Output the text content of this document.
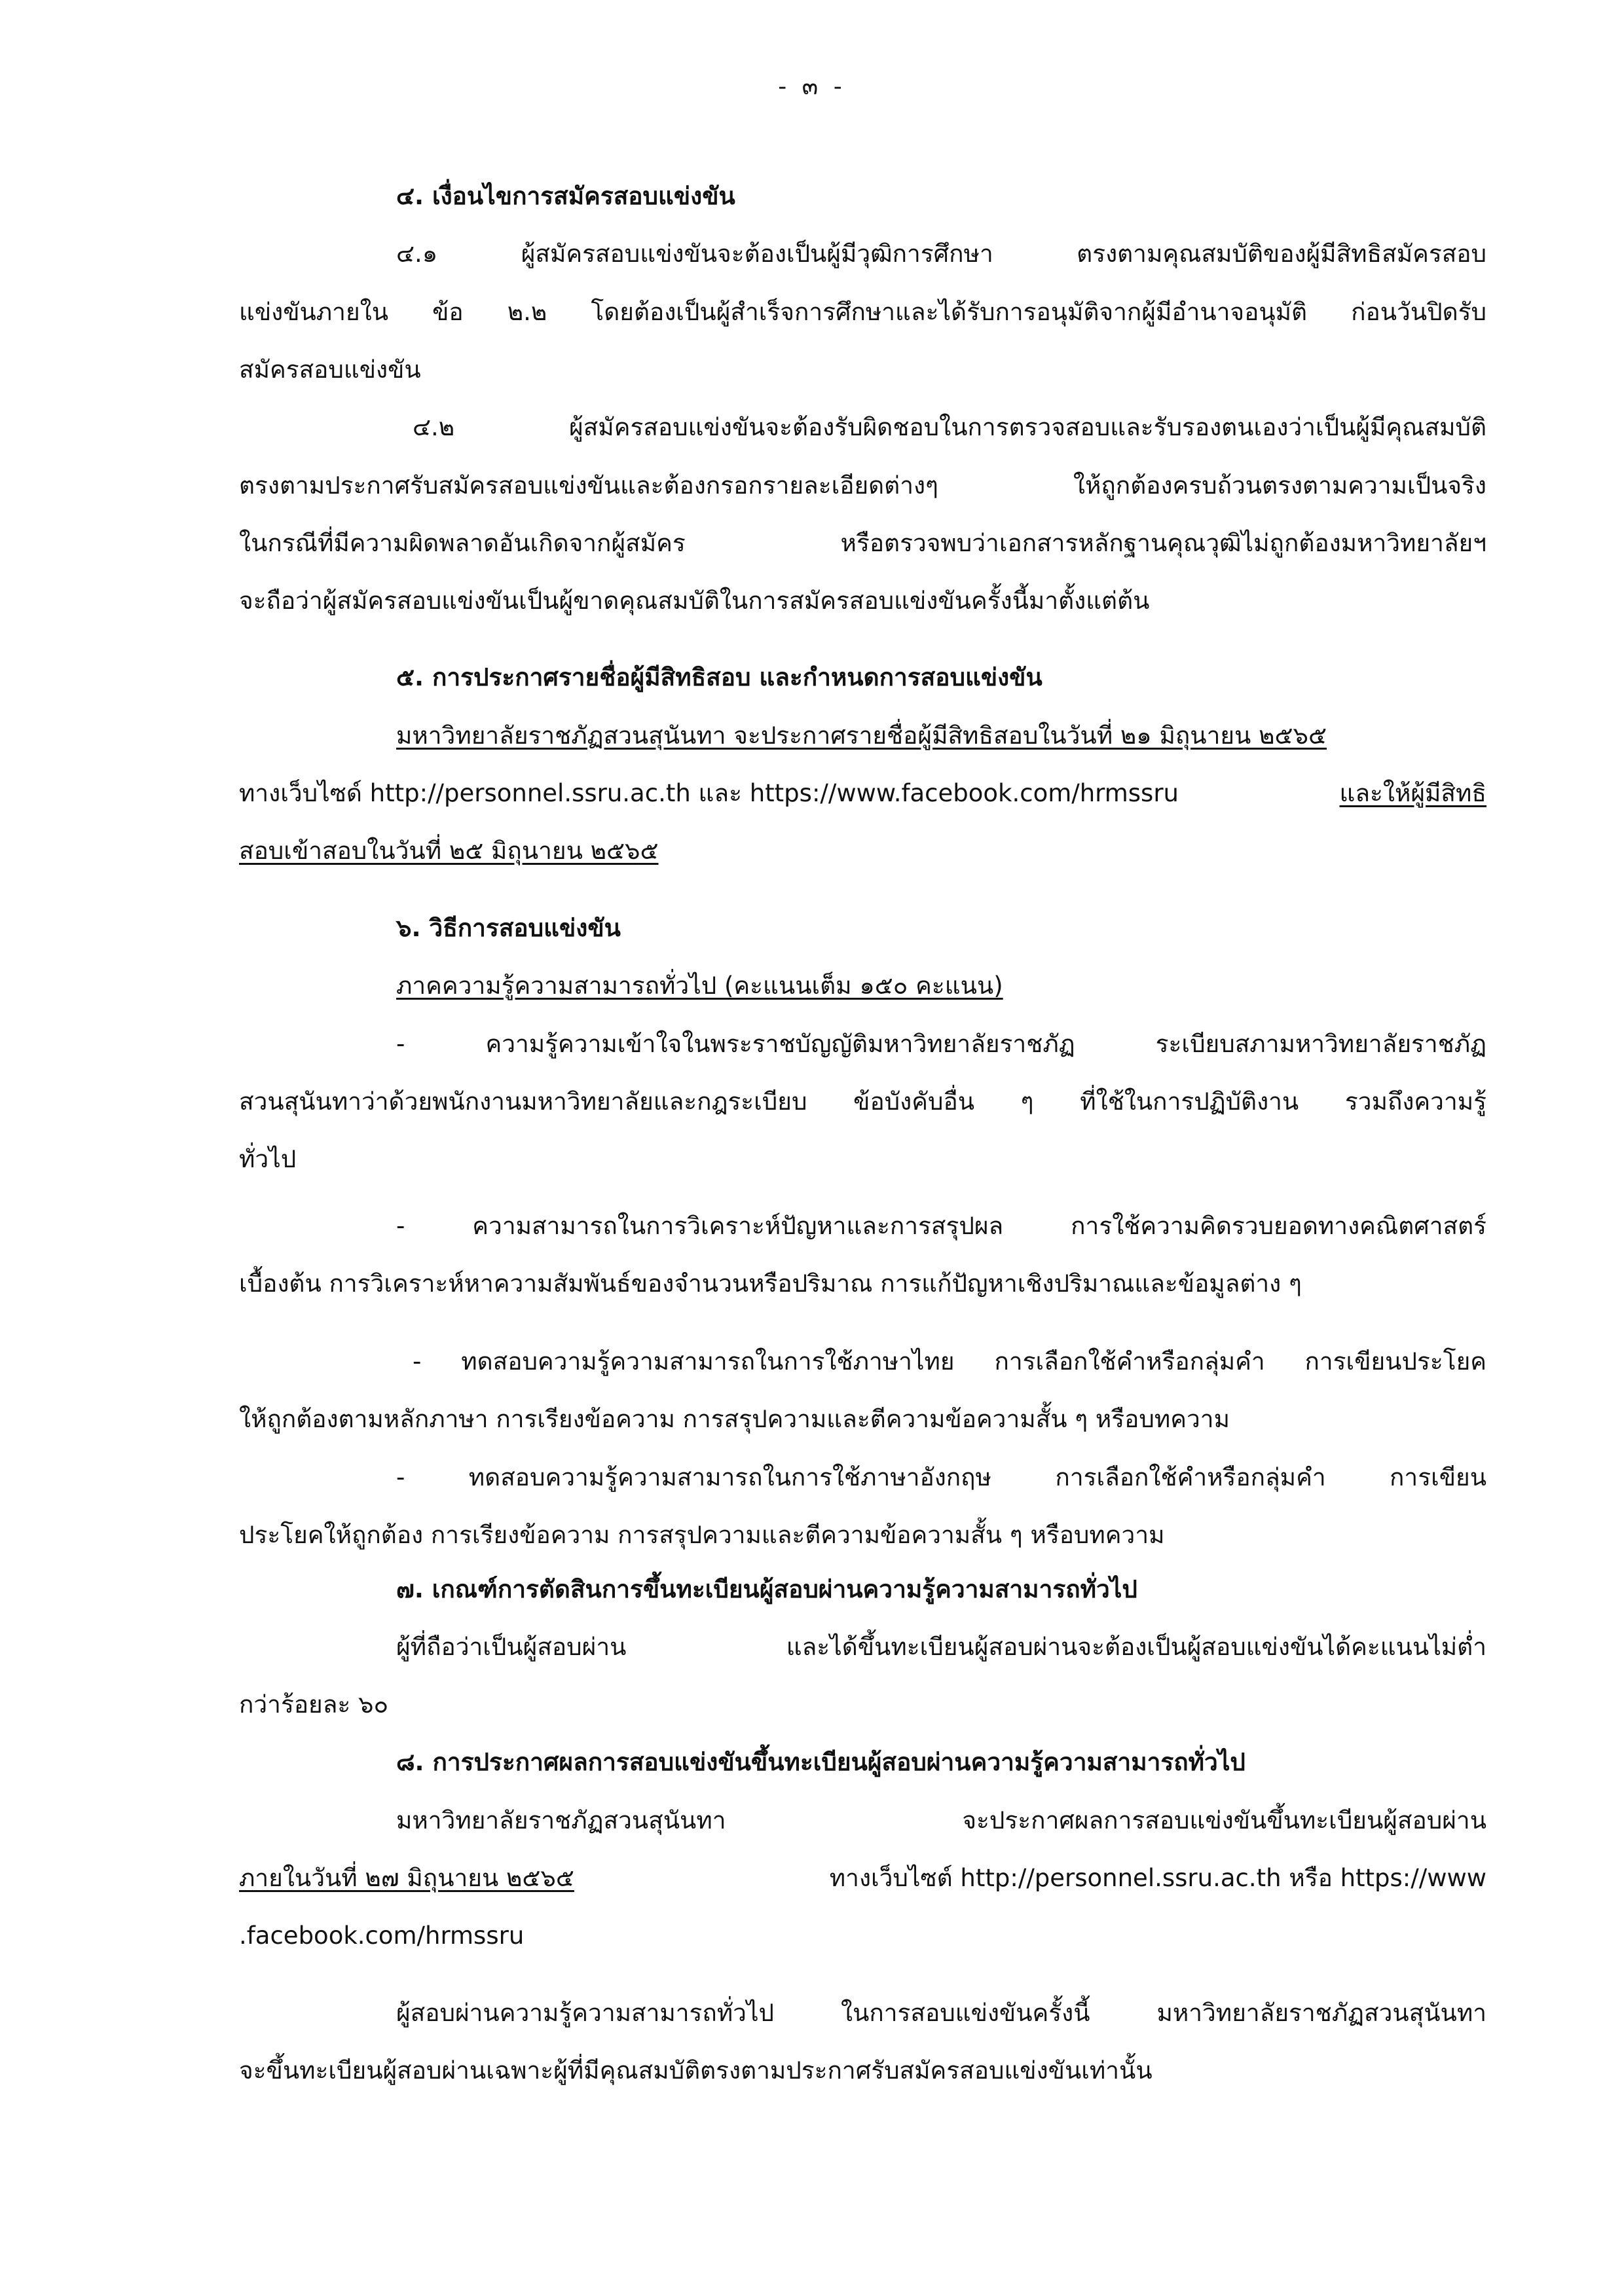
- ๓ -
๔. เงื่อนไขการสมัครสอบแข่งขัน
๔.๑ ผู้สมัครสอบแข่งขันจะต้องเป็นผู้มีวุฒิการศึกษา ตรงตามคุณสมบัติของผู้มีสิทธิสมัครสอบ
แข่งขันภายใน ข้อ ๒.๒ โดยต้องเป็นผู้สำเร็จการศึกษาและได้รับการอนุมัติจากผู้มีอำนาจอนุมัติ ก่อนวันปิดรับ
สมัครสอบแข่งขัน
๔.๒ ผู้สมัครสอบแข่งขันจะต้องรับผิดชอบในการตรวจสอบและรับรองตนเองว่าเป็นผู้มีคุณสมบัติ
ตรงตามประกาศรับสมัครสอบแข่งขันและต้องกรอกรายละเอียดต่างๆ ให้ถูกต้องครบถ้วนตรงตามความเป็นจริง
ในกรณีที่มีความผิดพลาดอันเกิดจากผู้สมัคร หรือตรวจพบว่าเอกสารหลักฐานคุณวุฒิไม่ถูกต้องมหาวิทยาลัยฯ
จะถือว่าผู้สมัครสอบแข่งขันเป็นผู้ขาดคุณสมบัติในการสมัครสอบแข่งขันครั้งนี้มาตั้งแต่ต้น
๕. การประกาศรายชื่อผู้มีสิทธิสอบ และกำหนดการสอบแข่งขัน
มหาวิทยาลัยราชภัฏสวนสุนันทา จะประกาศรายชื่อผู้มีสิทธิสอบในวันที่ ๒๑ มิถุนายน ๒๕๖๕
ทางเว็บไซด์ http://personnel.ssru.ac.th และ https://www.facebook.com/hrmssru	และให้ผู้มีสิทธิ
สอบเข้าสอบในวันที่ ๒๕ มิถุนายน ๒๕๖๕
๖. วิธีการสอบแข่งขัน
ภาคความรู้ความสามารถทั่วไป (คะแนนเต็ม ๑๕๐ คะแนน)
- ความรู้ความเข้าใจในพระราชบัญญัติมหาวิทยาลัยราชภัฏ ระเบียบสภามหาวิทยาลัยราชภัฏ
สวนสุนันทาว่าด้วยพนักงานมหาวิทยาลัยและกฎระเบียบ ข้อบังคับอื่น ๆ ที่ใช้ในการปฏิบัติงาน รวมถึงความรู้
ทั่วไป
- ความสามารถในการวิเคราะห์ปัญหาและการสรุปผล การใช้ความคิดรวบยอดทางคณิตศาสตร์
เบื้องต้น การวิเคราะห์หาความสัมพันธ์ของจำนวนหรือปริมาณ การแก้ปัญหาเชิงปริมาณและข้อมูลต่าง ๆ
- ทดสอบความรู้ความสามารถในการใช้ภาษาไทย การเลือกใช้คำหรือกลุ่มคำ การเขียนประโยค
ให้ถูกต้องตามหลักภาษา การเรียงข้อความ การสรุปความและตีความข้อความสั้น ๆ หรือบทความ
- ทดสอบความรู้ความสามารถในการใช้ภาษาอังกฤษ การเลือกใช้คำหรือกลุ่มคำ การเขียน
ประโยคให้ถูกต้อง การเรียงข้อความ การสรุปความและตีความข้อความสั้น ๆ หรือบทความ
๗. เกณฑ์การตัดสินการขึ้นทะเบียนผู้สอบผ่านความรู้ความสามารถทั่วไป
ผู้ที่ถือว่าเป็นผู้สอบผ่าน และได้ขึ้นทะเบียนผู้สอบผ่านจะต้องเป็นผู้สอบแข่งขันได้คะแนนไม่ต่ำ
กว่าร้อยละ ๖๐
๘. การประกาศผลการสอบแข่งขันขึ้นทะเบียนผู้สอบผ่านความรู้ความสามารถทั่วไป
มหาวิทยาลัยราชภัฏสวนสุนันทา จะประกาศผลการสอบแข่งขันขึ้นทะเบียนผู้สอบผ่าน
ภายในวันที่ ๒๗ มิถุนายน ๒๕๖๕	ทางเว็บไซต์ http://personnel.ssru.ac.th หรือ https://www
.facebook.com/hrmssru
ผู้สอบผ่านความรู้ความสามารถทั่วไป ในการสอบแข่งขันครั้งนี้ มหาวิทยาลัยราชภัฏสวนสุนันทา
จะขึ้นทะเบียนผู้สอบผ่านเฉพาะผู้ที่มีคุณสมบัติตรงตามประกาศรับสมัครสอบแข่งขันเท่านั้น
